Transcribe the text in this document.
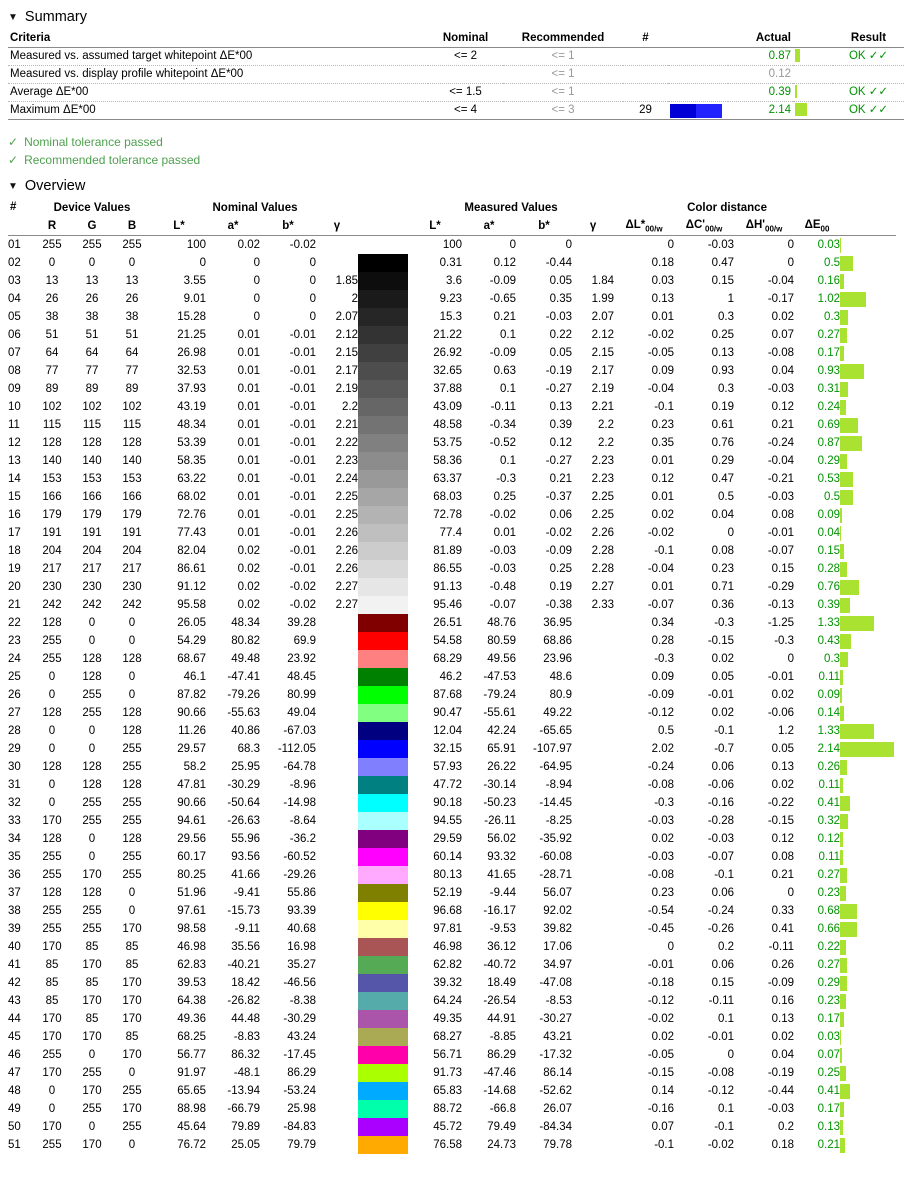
▼ Summary
Criteria	Nominal	Recommended	#		Actual		Result
Measured vs. assumed target whitepoint ΔE*00	<= 2	<= 1			0.87		OK ✓✓
Measured vs. display profile whitepoint ΔE*00		<= 1			0.12		
Average ΔE*00	<= 1.5	<= 1			0.39		OK ✓✓
Maximum ΔE*00	<= 4	<= 3	29		2.14		OK ✓✓
✓ Nominal tolerance passed
✓ Recommended tolerance passed
▼ Overview
#	Device Values			Nominal Values					Measured Values				Color distance				
	R	G	B	L*	a*	b*	γ		L*	a*	b*	γ	$\Delta L*_{00/w}$	$\Delta C'_{00/w}$	$\Delta H'_{00/w}$	$\Delta E_{00}$
01	255	255	255	100	0.02	-0.02			100	0	0		0	-0.03	0	0.03	

02	0	0	0	0	0	0			0.31	0.12	-0.44		0.18	0.47	0	0.5	

03	13	13	13	3.55	0	0	1.85		3.6	-0.09	0.05	1.84	0.03	0.15	-0.04	0.16	

04	26	26	26	9.01	0	0	2		9.23	-0.65	0.35	1.99	0.13	1	-0.17	1.02	

05	38	38	38	15.28	0	0	2.07		15.3	0.21	-0.03	2.07	0.01	0.3	0.02	0.3	

06	51	51	51	21.25	0.01	-0.01	2.12		21.22	0.1	0.22	2.12	-0.02	0.25	0.07	0.27	

07	64	64	64	26.98	0.01	-0.01	2.15		26.92	-0.09	0.05	2.15	-0.05	0.13	-0.08	0.17	

08	77	77	77	32.53	0.01	-0.01	2.17		32.65	0.63	-0.19	2.17	0.09	0.93	0.04	0.93	

09	89	89	89	37.93	0.01	-0.01	2.19		37.88	0.1	-0.27	2.19	-0.04	0.3	-0.03	0.31	

10	102	102	102	43.19	0.01	-0.01	2.2		43.09	-0.11	0.13	2.21	-0.1	0.19	0.12	0.24	

11	115	115	115	48.34	0.01	-0.01	2.21		48.58	-0.34	0.39	2.2	0.23	0.61	0.21	0.69	

12	128	128	128	53.39	0.01	-0.01	2.22		53.75	-0.52	0.12	2.2	0.35	0.76	-0.24	0.87	

13	140	140	140	58.35	0.01	-0.01	2.23		58.36	0.1	-0.27	2.23	0.01	0.29	-0.04	0.29	

14	153	153	153	63.22	0.01	-0.01	2.24		63.37	-0.3	0.21	2.23	0.12	0.47	-0.21	0.53	

15	166	166	166	68.02	0.01	-0.01	2.25		68.03	0.25	-0.37	2.25	0.01	0.5	-0.03	0.5	

16	179	179	179	72.76	0.01	-0.01	2.25		72.78	-0.02	0.06	2.25	0.02	0.04	0.08	0.09	

17	191	191	191	77.43	0.01	-0.01	2.26		77.4	0.01	-0.02	2.26	-0.02	0	-0.01	0.04	

18	204	204	204	82.04	0.02	-0.01	2.26		81.89	-0.03	-0.09	2.28	-0.1	0.08	-0.07	0.15	

19	217	217	217	86.61	0.02	-0.01	2.26		86.55	-0.03	0.25	2.28	-0.04	0.23	0.15	0.28	

20	230	230	230	91.12	0.02	-0.02	2.27		91.13	-0.48	0.19	2.27	0.01	0.71	-0.29	0.76	

21	242	242	242	95.58	0.02	-0.02	2.27		95.46	-0.07	-0.38	2.33	-0.07	0.36	-0.13	0.39	

22	128	0	0	26.05	48.34	39.28			26.51	48.76	36.95		0.34	-0.3	-1.25	1.33	

23	255	0	0	54.29	80.82	69.9			54.58	80.59	68.86		0.28	-0.15	-0.3	0.43	

24	255	128	128	68.67	49.48	23.92			68.29	49.56	23.96		-0.3	0.02	0	0.3	

25	0	128	0	46.1	-47.41	48.45			46.2	-47.53	48.6		0.09	0.05	-0.01	0.11	

26	0	255	0	87.82	-79.26	80.99			87.68	-79.24	80.9		-0.09	-0.01	0.02	0.09	

27	128	255	128	90.66	-55.63	49.04			90.47	-55.61	49.22		-0.12	0.02	-0.06	0.14	

28	0	0	128	11.26	40.86	-67.03			12.04	42.24	-65.65		0.5	-0.1	1.2	1.33	

29	0	0	255	29.57	68.3	-112.05			32.15	65.91	-107.97		2.02	-0.7	0.05	2.14	

30	128	128	255	58.2	25.95	-64.78			57.93	26.22	-64.95		-0.24	0.06	0.13	0.26	

31	0	128	128	47.81	-30.29	-8.96			47.72	-30.14	-8.94		-0.08	-0.06	0.02	0.11	

32	0	255	255	90.66	-50.64	-14.98			90.18	-50.23	-14.45		-0.3	-0.16	-0.22	0.41	

33	170	255	255	94.61	-26.63	-8.64			94.55	-26.11	-8.25		-0.03	-0.28	-0.15	0.32	

34	128	0	128	29.56	55.96	-36.2			29.59	56.02	-35.92		0.02	-0.03	0.12	0.12	

35	255	0	255	60.17	93.56	-60.52			60.14	93.32	-60.08		-0.03	-0.07	0.08	0.11	

36	255	170	255	80.25	41.66	-29.26			80.13	41.65	-28.71		-0.08	-0.1	0.21	0.27	

37	128	128	0	51.96	-9.41	55.86			52.19	-9.44	56.07		0.23	0.06	0	0.23	

38	255	255	0	97.61	-15.73	93.39			96.68	-16.17	92.02		-0.54	-0.24	0.33	0.68	

39	255	255	170	98.58	-9.11	40.68			97.81	-9.53	39.82		-0.45	-0.26	0.41	0.66	

40	170	85	85	46.98	35.56	16.98			46.98	36.12	17.06		0	0.2	-0.11	0.22	

41	85	170	85	62.83	-40.21	35.27			62.82	-40.72	34.97		-0.01	0.06	0.26	0.27	

42	85	85	170	39.53	18.42	-46.56			39.32	18.49	-47.08		-0.18	0.15	-0.09	0.29	

43	85	170	170	64.38	-26.82	-8.38			64.24	-26.54	-8.53		-0.12	-0.11	0.16	0.23	

44	170	85	170	49.36	44.48	-30.29			49.35	44.91	-30.27		-0.02	0.1	0.13	0.17	

45	170	170	85	68.25	-8.83	43.24			68.27	-8.85	43.21		0.02	-0.01	0.02	0.03	

46	255	0	170	56.77	86.32	-17.45			56.71	86.29	-17.32		-0.05	0	0.04	0.07	

47	170	255	0	91.97	-48.1	86.29			91.73	-47.46	86.14		-0.15	-0.08	-0.19	0.25	

48	0	170	255	65.65	-13.94	-53.24			65.83	-14.68	-52.62		0.14	-0.12	-0.44	0.41	

49	0	255	170	88.98	-66.79	25.98			88.72	-66.8	26.07		-0.16	0.1	-0.03	0.17	

50	170	0	255	45.64	79.89	-84.83			45.72	79.49	-84.34		0.07	-0.1	0.2	0.13	

51	255	170	0	76.72	25.05	79.79			76.58	24.73	79.78		-0.1	-0.02	0.18	0.21	
